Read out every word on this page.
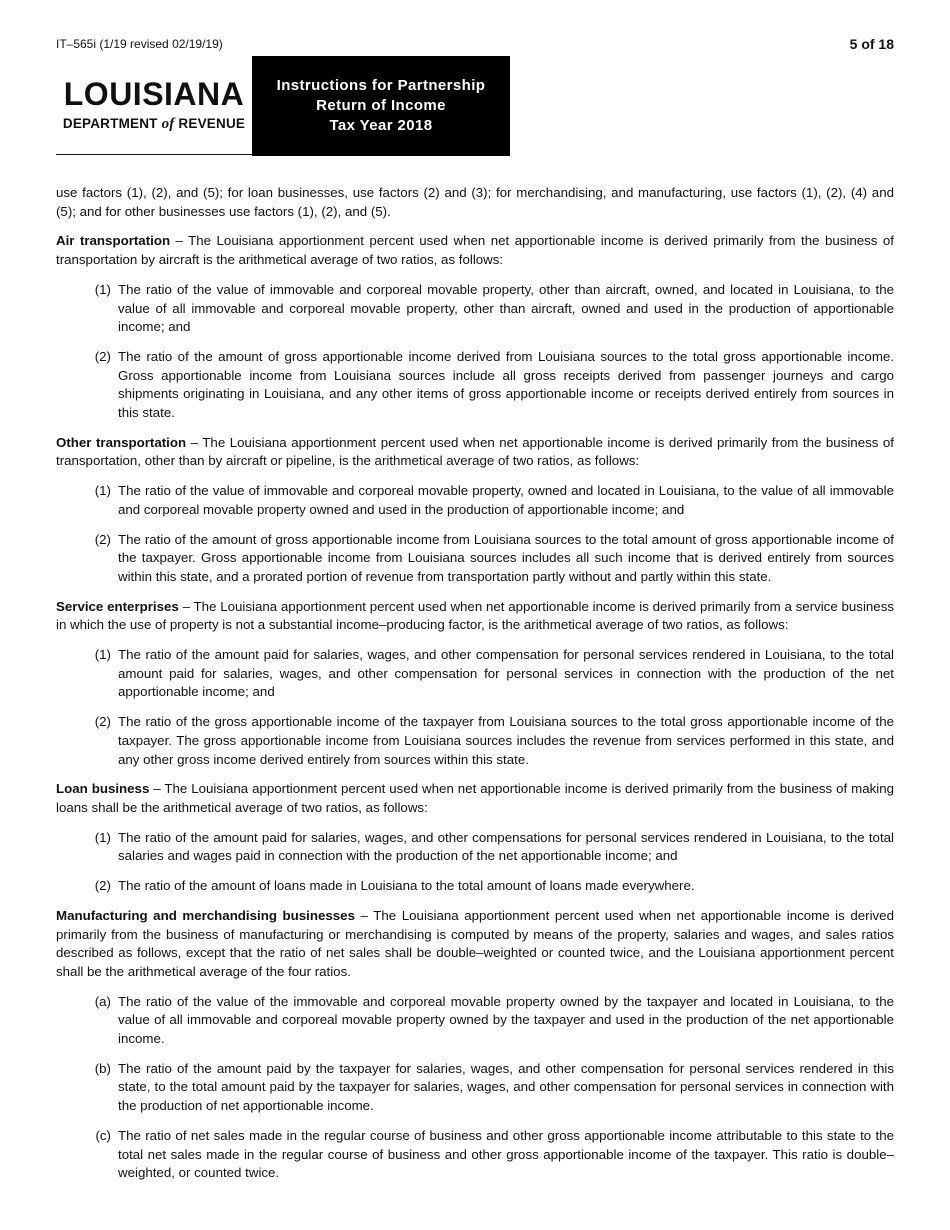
IT–565i (1/19 revised 02/19/19)	5 of 18
LOUISIANA
DEPARTMENT of REVENUE
Instructions for Partnership
Return of Income
Tax Year 2018

use factors (1), (2), and (5); for loan businesses, use factors (2) and (3); for merchandising, and manufacturing, use factors (1), (2), (4) and (5); and for other businesses use factors (1), (2), and (5).

Air transportation – The Louisiana apportionment percent used when net apportionable income is derived primarily from the business of transportation by aircraft is the arithmetical average of two ratios, as follows:

(1) The ratio of the value of immovable and corporeal movable property, other than aircraft, owned, and located in Louisiana, to the value of all immovable and corporeal movable property, other than aircraft, owned and used in the production of apportionable income; and
(2) The ratio of the amount of gross apportionable income derived from Louisiana sources to the total gross apportionable income. Gross apportionable income from Louisiana sources include all gross receipts derived from passenger journeys and cargo shipments originating in Louisiana, and any other items of gross apportionable income or receipts derived entirely from sources in this state.

Other transportation – The Louisiana apportionment percent used when net apportionable income is derived primarily from the business of transportation, other than by aircraft or pipeline, is the arithmetical average of two ratios, as follows:

(1) The ratio of the value of immovable and corporeal movable property, owned and located in Louisiana, to the value of all immovable and corporeal movable property owned and used in the production of apportionable income; and
(2) The ratio of the amount of gross apportionable income from Louisiana sources to the total amount of gross apportionable income of the taxpayer. Gross apportionable income from Louisiana sources includes all such income that is derived entirely from sources within this state, and a prorated portion of revenue from transportation partly without and partly within this state.

Service enterprises – The Louisiana apportionment percent used when net apportionable income is derived primarily from a service business in which the use of property is not a substantial income–producing factor, is the arithmetical average of two ratios, as follows:

(1) The ratio of the amount paid for salaries, wages, and other compensation for personal services rendered in Louisiana, to the total amount paid for salaries, wages, and other compensation for personal services in connection with the production of the net apportionable income; and
(2) The ratio of the gross apportionable income of the taxpayer from Louisiana sources to the total gross apportionable income of the taxpayer. The gross apportionable income from Louisiana sources includes the revenue from services performed in this state, and any other gross income derived entirely from sources within this state.

Loan business – The Louisiana apportionment percent used when net apportionable income is derived primarily from the business of making loans shall be the arithmetical average of two ratios, as follows:

(1) The ratio of the amount paid for salaries, wages, and other compensations for personal services rendered in Louisiana, to the total salaries and wages paid in connection with the production of the net apportionable income; and
(2) The ratio of the amount of loans made in Louisiana to the total amount of loans made everywhere.

Manufacturing and merchandising businesses – The Louisiana apportionment percent used when net apportionable income is derived primarily from the business of manufacturing or merchandising is computed by means of the property, salaries and wages, and sales ratios described as follows, except that the ratio of net sales shall be double–weighted or counted twice, and the Louisiana apportionment percent shall be the arithmetical average of the four ratios.

(a) The ratio of the value of the immovable and corporeal movable property owned by the taxpayer and located in Louisiana, to the value of all immovable and corporeal movable property owned by the taxpayer and used in the production of the net apportionable income.
(b) The ratio of the amount paid by the taxpayer for salaries, wages, and other compensation for personal services rendered in this state, to the total amount paid by the taxpayer for salaries, wages, and other compensation for personal services in connection with the production of net apportionable income.
(c) The ratio of net sales made in the regular course of business and other gross apportionable income attributable to this state to the total net sales made in the regular course of business and other gross apportionable income of the taxpayer. This ratio is double–weighted, or counted twice.
